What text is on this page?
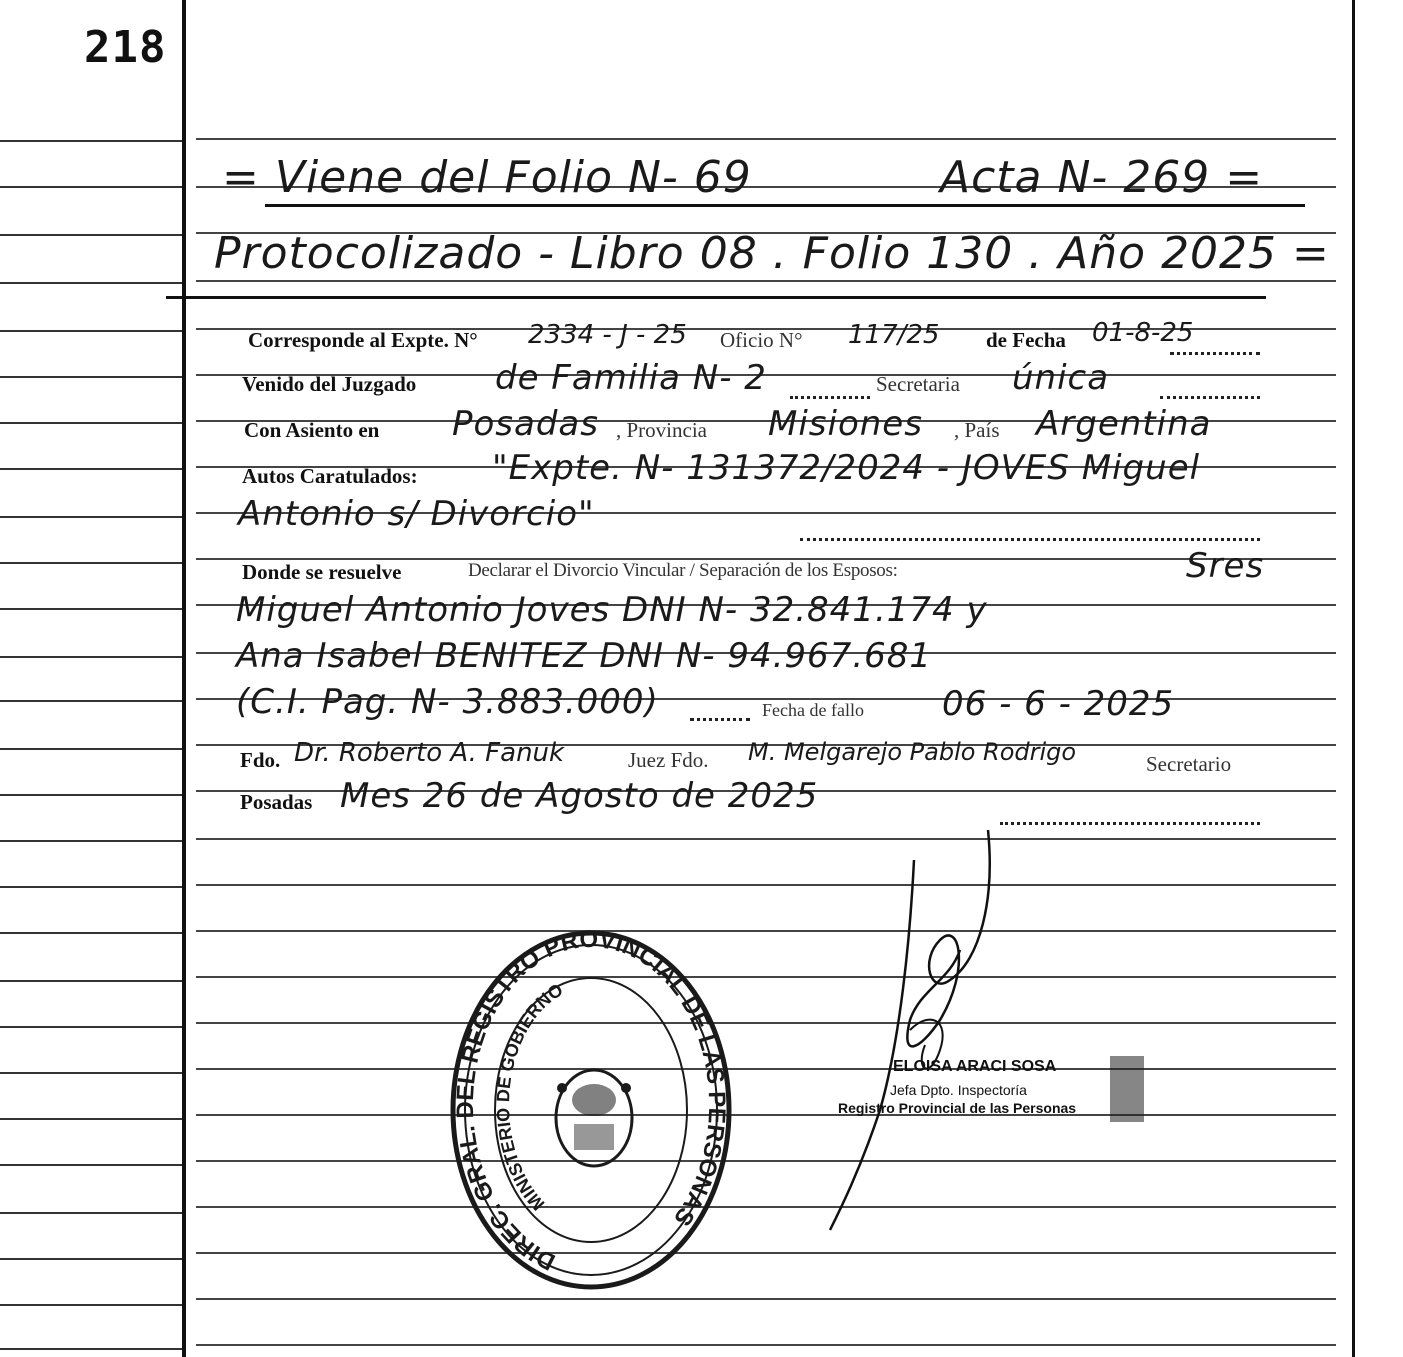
218
= Viene del Folio N- 69	Acta N- 269 =
Protocolizado - Libro 08 . Folio 130 . Año 2025 =
Corresponde al Expte. N° 2334 - J - 25 Oficio N° 117/25 de Fecha 01-8-25
Venido del Juzgado de Familia N- 2	Secretaria única
Con Asiento en Posadas , Provincia Misiones , País Argentina
Autos Caratulados: "Expte. N- 131372/2024 - JOVES Miguel
Antonio s/ Divorcio"
Donde se resuelve	Declarar el Divorcio Vincular / Separación de los Esposos:	Sres
Miguel Antonio Joves DNI N- 32.841.174 y
Ana Isabel BENITEZ DNI N- 94.967.681
(C.I. Pag. N- 3.883.000)	Fecha de fallo 06 - 6 - 2025
Fdo. Dr. Roberto A. Fanuk	Juez Fdo. M. Melgarejo Pablo Rodrigo	Secretario
Posadas Mes 26 de Agosto de 2025
DIREC. GRAL. DEL REGISTRO PROVINCIAL DE LAS PERSONAS
MINISTERIO DE GOBIERNO
ELOISA ARACI SOSA
Jefa Dpto. Inspectoría
Registro Provincial de las Personas
